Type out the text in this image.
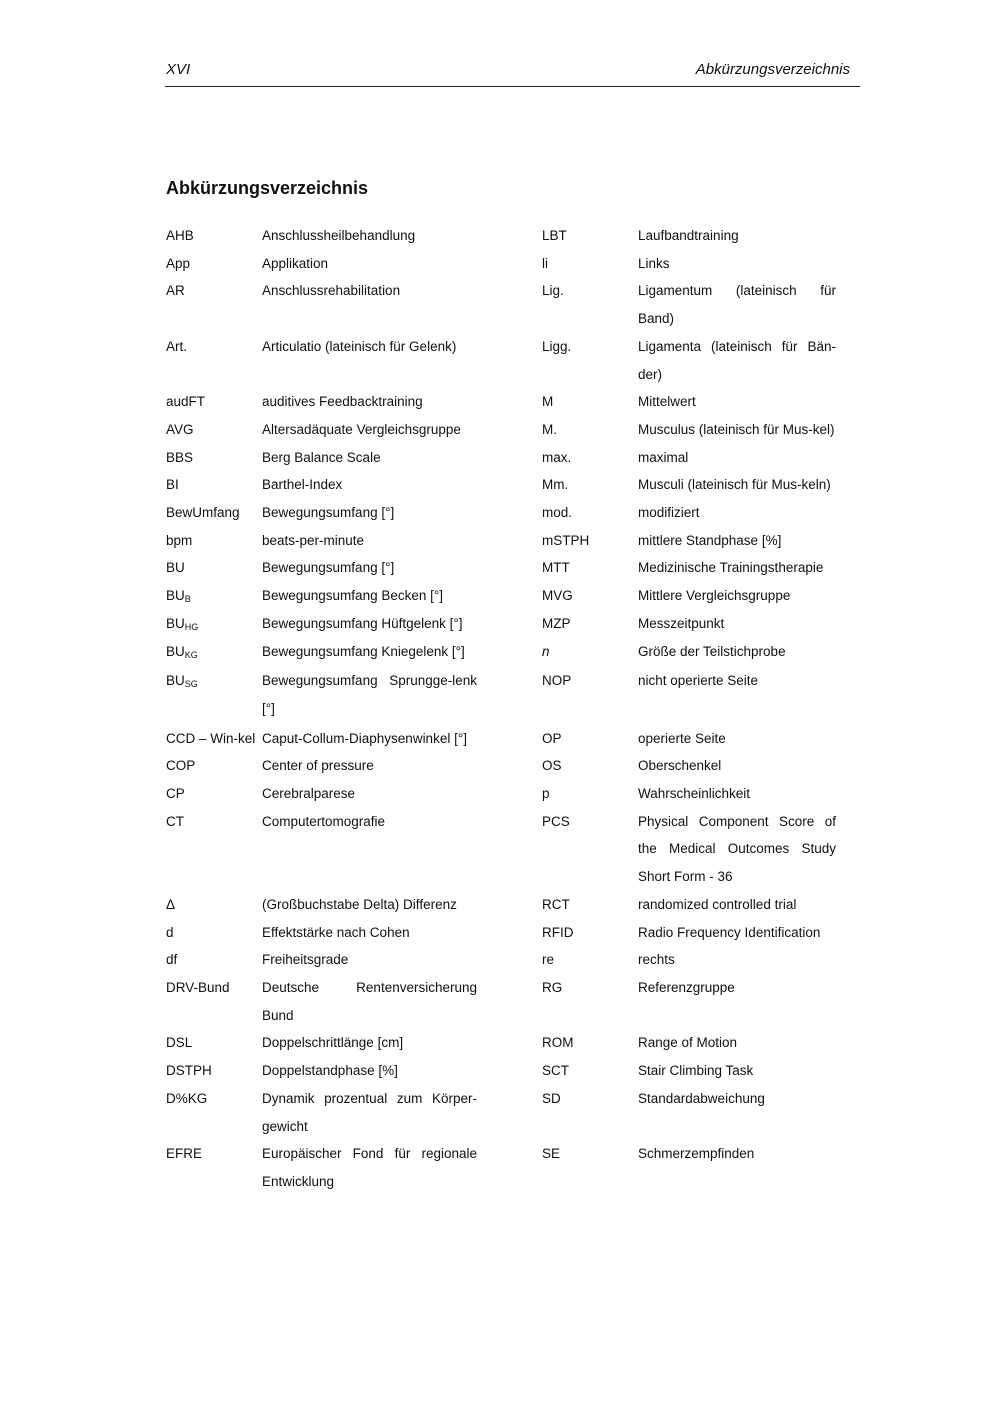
XVI	Abkürzungsverzeichnis
Abkürzungsverzeichnis
AHB	Anschlussheilbehandlung		LBT	Laufbandtraining
App	Applikation		li	Links
AR	Anschlussrehabilitation		Lig.	Ligamentum (lateinisch für Band)
Art.	Articulatio (lateinisch für Gelenk)		Ligg.	Ligamenta (lateinisch für Bän-der)
audFT	auditives Feedbacktraining		M	Mittelwert
AVG	Altersadäquate Vergleichsgruppe		M.	Musculus (lateinisch für Mus-kel)
BBS	Berg Balance Scale		max.	maximal
BI	Barthel-Index		Mm.	Musculi (lateinisch für Mus-keln)
BewUmfang	Bewegungsumfang [°]		mod.	modifiziert
bpm	beats-per-minute		mSTPH	mittlere Standphase [%]
BU	Bewegungsumfang [°]		MTT	Medizinische Trainingstherapie
$BU_B$	Bewegungsumfang Becken [°]		MVG	Mittlere Vergleichsgruppe
$BU_{HG}$	Bewegungsumfang Hüftgelenk [°]		MZP	Messzeitpunkt
$BU_{KG}$	Bewegungsumfang Kniegelenk [°]		n	Größe der Teilstichprobe
$BU_{SG}$	Bewegungsumfang Sprungge-lenk [°]		NOP	nicht operierte Seite
CCD – Win-kel	Caput-Collum-Diaphysenwinkel [°]		OP	operierte Seite
COP	Center of pressure		OS	Oberschenkel
CP	Cerebralparese		p	Wahrscheinlichkeit
CT	Computertomografie		PCS	Physical Component Score of the Medical Outcomes Study Short Form - 36
Δ	(Großbuchstabe Delta) Differenz		RCT	randomized controlled trial
d	Effektstärke nach Cohen		RFID	Radio Frequency Identification
df	Freiheitsgrade		re	rechts
DRV-Bund	Deutsche Rentenversicherung Bund		RG	Referenzgruppe
DSL	Doppelschrittlänge [cm]		ROM	Range of Motion
DSTPH	Doppelstandphase [%]		SCT	Stair Climbing Task
D%KG	Dynamik prozentual zum Körper-gewicht		SD	Standardabweichung
EFRE	Europäischer Fond für regionale Entwicklung		SE	Schmerzempfinden
